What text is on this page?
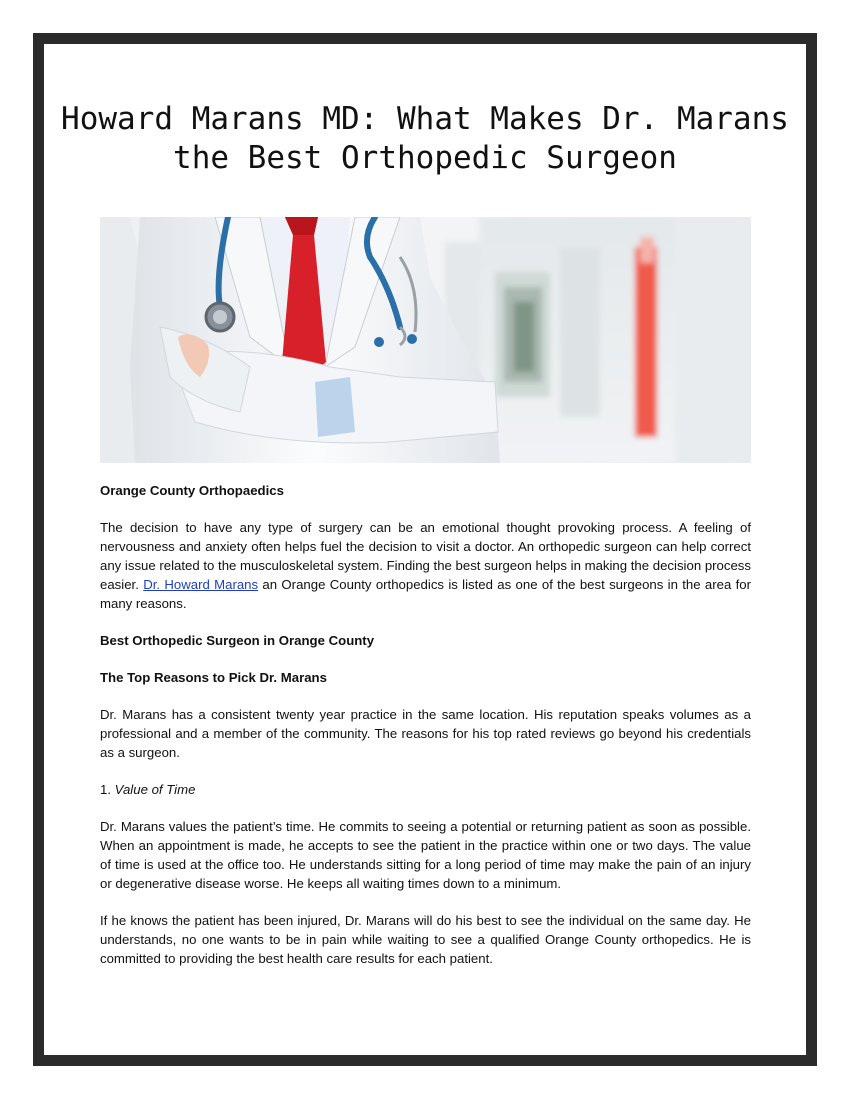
Howard Marans MD: What Makes Dr. Marans the Best Orthopedic Surgeon

Orange County Orthopaedics

The decision to have any type of surgery can be an emotional thought provoking process. A feeling of nervousness and anxiety often helps fuel the decision to visit a doctor. An orthopedic surgeon can help correct any issue related to the musculoskeletal system. Finding the best surgeon helps in making the decision process easier. Dr. Howard Marans an Orange County orthopedics is listed as one of the best surgeons in the area for many reasons.

Best Orthopedic Surgeon in Orange County

The Top Reasons to Pick Dr. Marans

Dr. Marans has a consistent twenty year practice in the same location. His reputation speaks volumes as a professional and a member of the community. The reasons for his top rated reviews go beyond his credentials as a surgeon.

1. Value of Time

Dr. Marans values the patient’s time. He commits to seeing a potential or returning patient as soon as possible. When an appointment is made, he accepts to see the patient in the practice within one or two days. The value of time is used at the office too. He understands sitting for a long period of time may make the pain of an injury or degenerative disease worse. He keeps all waiting times down to a minimum.

If he knows the patient has been injured, Dr. Marans will do his best to see the individual on the same day. He understands, no one wants to be in pain while waiting to see a qualified Orange County orthopedics. He is committed to providing the best health care results for each patient.
